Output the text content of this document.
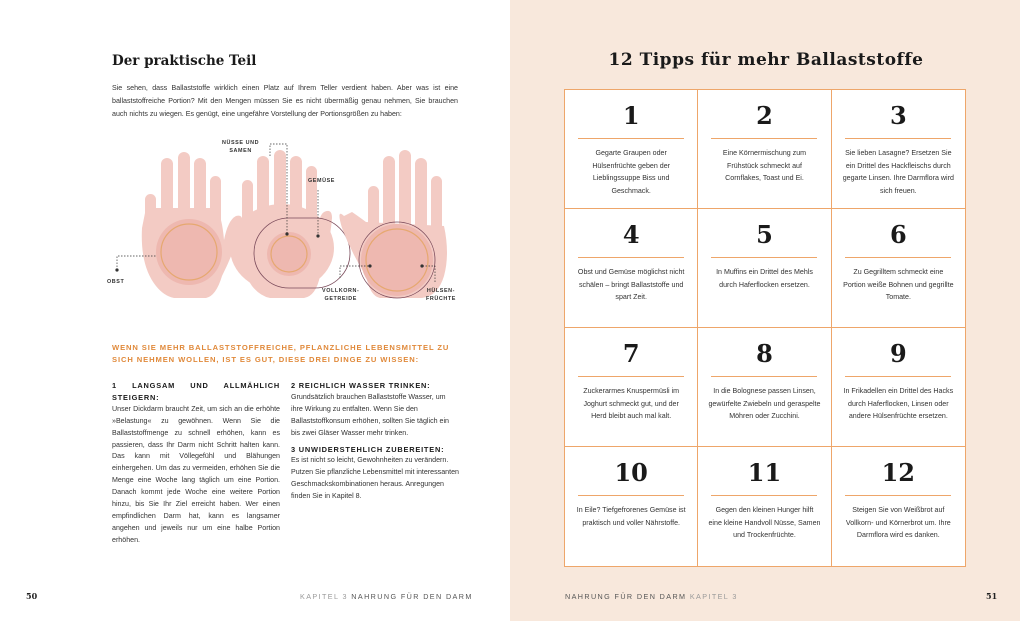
Der praktische Teil

Sie sehen, dass Ballaststoffe wirklich einen Platz auf Ihrem Teller verdient haben. Aber was ist eine ballaststoffreiche Portion? Mit den Mengen müssen Sie es nicht übermäßig genau nehmen, Sie brauchen auch nichts zu wiegen. Es genügt, eine ungefähre Vorstellung der Portionsgrößen zu haben:

NÜSSE UND
SAMEN
GEMÜSE
OBST
VOLLKORN-
GETREIDE
HÜLSEN-
FRÜCHTE
WENN SIE MEHR BALLASTSTOFFREICHE, PFLANZLICHE LEBENSMITTEL ZU SICH NEHMEN WOLLEN, IST ES GUT, DIESE DREI DINGE ZU WISSEN:
1 LANGSAM UND ALLMÄHLICH STEIGERN:

Unser Dickdarm braucht Zeit, um sich an die erhöhte »Belastung« zu gewöhnen. Wenn Sie die Ballaststoffmenge zu schnell erhöhen, kann es passieren, dass Ihr Darm nicht Schritt halten kann. Das kann mit Völlegefühl und Blähungen einhergehen. Um das zu vermeiden, erhöhen Sie die Menge eine Woche lang täglich um eine Portion. Danach kommt jede Woche eine weitere Portion hinzu, bis Sie Ihr Ziel erreicht haben. Wer einen empfindlichen Darm hat, kann es langsamer angehen und jeweils nur um eine halbe Portion erhöhen.

2 REICHLICH WASSER TRINKEN:

Grundsätzlich brauchen Ballaststoffe Wasser, um ihre Wirkung zu entfalten. Wenn Sie den Ballaststoffkonsum erhöhen, sollten Sie täglich ein bis zwei Gläser Wasser mehr trinken.

3 UNWIDERSTEHLICH ZUBEREITEN:

Es ist nicht so leicht, Gewohnheiten zu verändern. Putzen Sie pflanzliche Lebensmittel mit interessanten Geschmackskombinationen heraus. Anregungen finden Sie in Kapitel 8.

50	KAPITEL 3 NAHRUNG FÜR DEN DARM
12 Tipps für mehr Ballaststoffe
1
Gegarte Graupen oder Hülsenfrüchte geben der Lieblingssuppe Biss und Geschmack.
2
Eine Körnermischung zum Frühstück schmeckt auf Cornflakes, Toast und Ei.
3
Sie lieben Lasagne? Ersetzen Sie ein Drittel des Hackfleischs durch gegarte Linsen. Ihre Darmflora wird sich freuen.
4
Obst und Gemüse möglichst nicht schälen – bringt Ballaststoffe und spart Zeit.
5
In Muffins ein Drittel des Mehls durch Haferflocken ersetzen.
6
Zu Gegrilltem schmeckt eine Portion weiße Bohnen und gegrillte Tomate.
7
Zuckerarmes Knuspermüsli im Joghurt schmeckt gut, und der Herd bleibt auch mal kalt.
8
In die Bolognese passen Linsen, gewürfelte Zwiebeln und geraspelte Möhren oder Zucchini.
9
In Frikadellen ein Drittel des Hacks durch Haferflocken, Linsen oder andere Hülsenfrüchte ersetzen.
10
In Eile? Tiefgefrorenes Gemüse ist praktisch und voller Nährstoffe.
11
Gegen den kleinen Hunger hilft eine kleine Handvoll Nüsse, Samen und Trockenfrüchte.
12
Steigen Sie von Weißbrot auf Vollkorn- und Körnerbrot um. Ihre Darmflora wird es danken.
NAHRUNG FÜR DEN DARM KAPITEL 3	51
